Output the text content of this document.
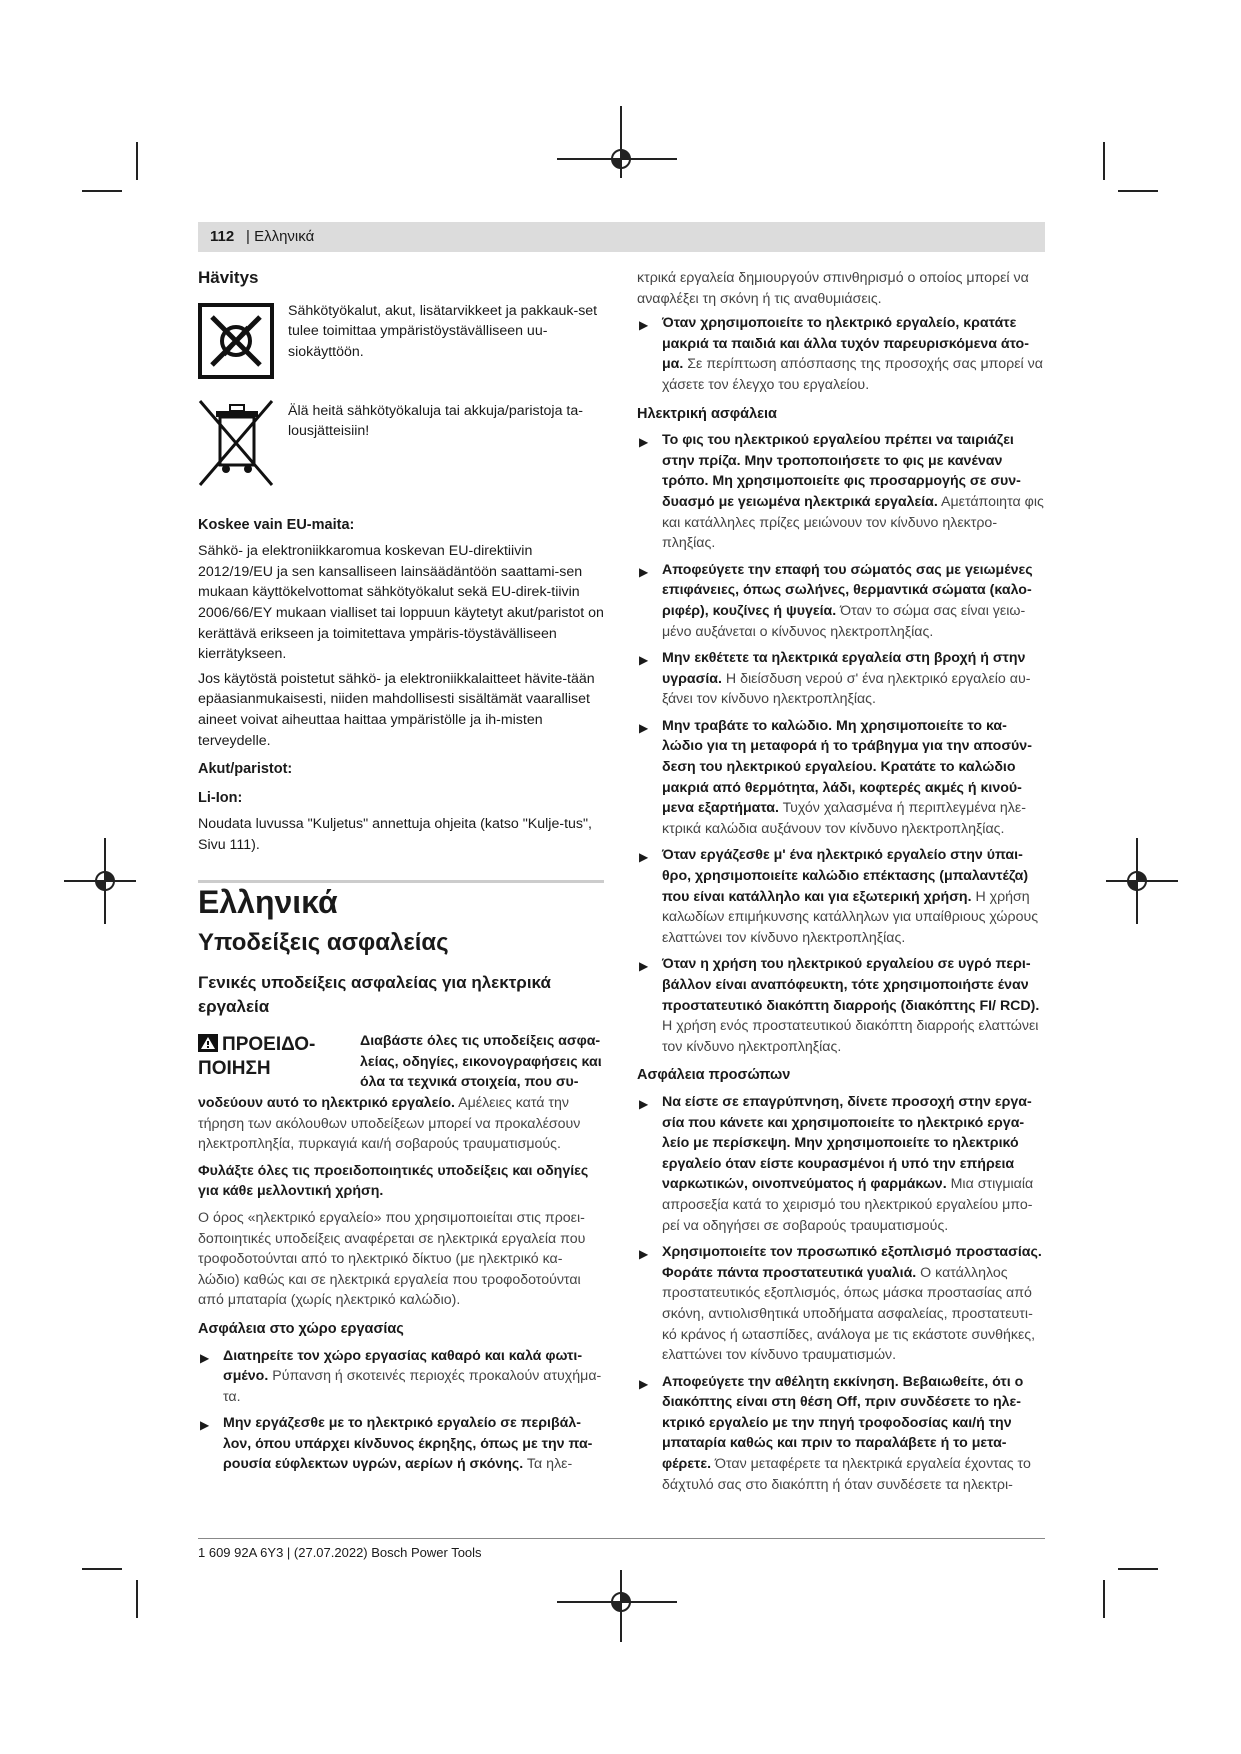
112 | Ελληνικά
Hävitys
Sähkötyökalut, akut, lisätarvikkeet ja pakkauk-set tulee toimittaa ympäristöystävälliseen uu-siokäyttöön.
Älä heitä sähkötyökaluja tai akkuja/paristoja ta-lousjätteisiin!
Koskee vain EU-maita:

Sähkö- ja elektroniikkaromua koskevan EU-direktiivin 2012/19/EU ja sen kansalliseen lainsäädäntöön saattami-sen mukaan käyttökelvottomat sähkötyökalut sekä EU-direk-tiivin 2006/66/EY mukaan vialliset tai loppuun käytetyt akut/paristot on kerättävä erikseen ja toimitettava ympäris-töystävälliseen kierrätykseen.

Jos käytöstä poistetut sähkö- ja elektroniikkalaitteet hävite-tään epäasianmukaisesti, niiden mahdollisesti sisältämät vaaralliset aineet voivat aiheuttaa haittaa ympäristölle ja ih-misten terveydelle.

Akut/paristot:
Li-Ion:

Noudata luvussa "Kuljetus" annettuja ohjeita (katso "Kulje-tus", Sivu 111).

Ελληνικά
Υποδείξεις ασφαλείας
Γενικές υποδείξεις ασφαλείας για ηλεκτρικά εργαλεία
ΠΡΟΕΙΔΟ-ΠΟΙΗΣΗ

Διαβάστε όλες τις υποδείξεις ασφα-λείας, οδηγίες, εικονογραφήσεις και όλα τα τεχνικά στοιχεία, που συ-νοδεύουν αυτό το ηλεκτρικό εργαλείο. Αμέλειες κατά την τήρηση των ακόλουθων υποδείξεων μπορεί να προκαλέσουν ηλεκτροπληξία, πυρκαγιά και/ή σοβαρούς τραυματισμούς.

Φυλάξτε όλες τις προειδοποιητικές υποδείξεις και οδηγίες για κάθε μελλοντική χρήση.

Ο όρος «ηλεκτρικό εργαλείο» που χρησιμοποιείται στις προει-δοποιητικές υποδείξεις αναφέρεται σε ηλεκτρικά εργαλεία που τροφοδοτούνται από το ηλεκτρικό δίκτυο (με ηλεκτρικό κα-λώδιο) καθώς και σε ηλεκτρικά εργαλεία που τροφοδοτούνται από μπαταρία (χωρίς ηλεκτρικό καλώδιο).

Ασφάλεια στο χώρο εργασίας
▶ Διατηρείτε τον χώρο εργασίας καθαρό και καλά φωτι-σμένο. Ρύπανση ή σκοτεινές περιοχές προκαλούν ατυχήμα-τα.
▶ Μην εργάζεσθε με το ηλεκτρικό εργαλείο σε περιβάλ-λον, όπου υπάρχει κίνδυνος έκρηξης, όπως με την πα-ρουσία εύφλεκτων υγρών, αερίων ή σκόνης. Τα ηλε-

κτρικά εργαλεία δημιουργούν σπινθηρισμό ο οποίος μπορεί να αναφλέξει τη σκόνη ή τις αναθυμιάσεις.

▶ Όταν χρησιμοποιείτε το ηλεκτρικό εργαλείο, κρατάτε μακριά τα παιδιά και άλλα τυχόν παρευρισκόμενα άτο-μα. Σε περίπτωση απόσπασης της προσοχής σας μπορεί να χάσετε τον έλεγχο του εργαλείου.
Ηλεκτρική ασφάλεια
▶ Το φις του ηλεκτρικού εργαλείου πρέπει να ταιριάζει στην πρίζα. Μην τροποποιήσετε το φις με κανέναν τρόπο. Μη χρησιμοποιείτε φις προσαρμογής σε συν-δυασμό με γειωμένα ηλεκτρικά εργαλεία. Αμετάποιητα φις και κατάλληλες πρίζες μειώνουν τον κίνδυνο ηλεκτρο-πληξίας.
▶ Αποφεύγετε την επαφή του σώματός σας με γειωμένες επιφάνειες, όπως σωλήνες, θερμαντικά σώματα (καλο-ριφέρ), κουζίνες ή ψυγεία. Όταν το σώμα σας είναι γειω-μένο αυξάνεται ο κίνδυνος ηλεκτροπληξίας.
▶ Μην εκθέτετε τα ηλεκτρικά εργαλεία στη βροχή ή στην υγρασία. Η διείσδυση νερού σ' ένα ηλεκτρικό εργαλείο αυ-ξάνει τον κίνδυνο ηλεκτροπληξίας.
▶ Μην τραβάτε το καλώδιο. Μη χρησιμοποιείτε το κα-λώδιο για τη μεταφορά ή το τράβηγμα για την αποσύν-δεση του ηλεκτρικού εργαλείου. Κρατάτε το καλώδιο μακριά από θερμότητα, λάδι, κοφτερές ακμές ή κινού-μενα εξαρτήματα. Τυχόν χαλασμένα ή περιπλεγμένα ηλε-κτρικά καλώδια αυξάνουν τον κίνδυνο ηλεκτροπληξίας.
▶ Όταν εργάζεσθε μ' ένα ηλεκτρικό εργαλείο στην ύπαι-θρο, χρησιμοποιείτε καλώδιο επέκτασης (μπαλαντέζα) που είναι κατάλληλο και για εξωτερική χρήση. Η χρήση καλωδίων επιμήκυνσης κατάλληλων για υπαίθριους χώρους ελαττώνει τον κίνδυνο ηλεκτροπληξίας.
▶ Όταν η χρήση του ηλεκτρικού εργαλείου σε υγρό περι-βάλλον είναι αναπόφευκτη, τότε χρησιμοποιήστε έναν προστατευτικό διακόπτη διαρροής (διακόπτης FI/ RCD). Η χρήση ενός προστατευτικού διακόπτη διαρροής ελαττώνει τον κίνδυνο ηλεκτροπληξίας.
Ασφάλεια προσώπων
▶ Να είστε σε επαγρύπνηση, δίνετε προσοχή στην εργα-σία που κάνετε και χρησιμοποιείτε το ηλεκτρικό εργα-λείο με περίσκεψη. Μην χρησιμοποιείτε το ηλεκτρικό εργαλείο όταν είστε κουρασμένοι ή υπό την επήρεια ναρκωτικών, οινοπνεύματος ή φαρμάκων. Μια στιγμιαία απροσεξία κατά το χειρισμό του ηλεκτρικού εργαλείου μπο-ρεί να οδηγήσει σε σοβαρούς τραυματισμούς.
▶ Χρησιμοποιείτε τον προσωπικό εξοπλισμό προστασίας. Φοράτε πάντα προστατευτικά γυαλιά. Ο κατάλληλος προστατευτικός εξοπλισμός, όπως μάσκα προστασίας από σκόνη, αντιολισθητικά υποδήματα ασφαλείας, προστατευτι-κό κράνος ή ωτασπίδες, ανάλογα με τις εκάστοτε συνθήκες, ελαττώνει τον κίνδυνο τραυματισμών.
▶ Αποφεύγετε την αθέλητη εκκίνηση. Βεβαιωθείτε, ότι ο διακόπτης είναι στη θέση Off, πριν συνδέσετε το ηλε-κτρικό εργαλείο με την πηγή τροφοδοσίας και/ή την μπαταρία καθώς και πριν το παραλάβετε ή το μετα-φέρετε. Όταν μεταφέρετε τα ηλεκτρικά εργαλεία έχοντας το δάχτυλό σας στο διακόπτη ή όταν συνδέσετε τα ηλεκτρι-
1 609 92A 6Y3 | (27.07.2022) Bosch Power Tools
